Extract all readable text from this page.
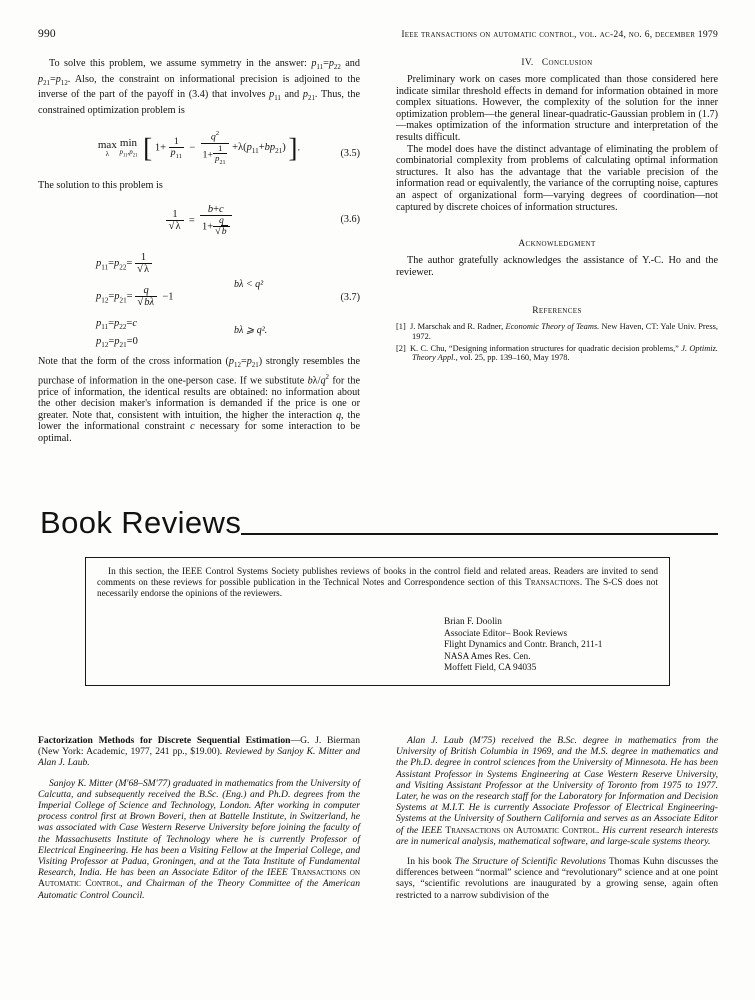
990	ieee transactions on automatic control, vol. ac-24, no. 6, december 1979

To solve this problem, we assume symmetry in the answer: $p_{11}=p_{22}$ and $p_{21}=p_{12}$. Also, the constraint on informational precision is adjoined to the inverse of the part of the payoff in (3.4) that involves $p_{11}$ and $p_{21}$. Thus, the constrained optimization problem is

max
λ

min
$p_{11},p_{21}$ [ $1+ \frac{1}{p_{11}} - \frac{q^2}{1+ \frac{1}{p_{21}}} +\lambda(p_{11}+bp_{21})$ ].	(3.5)

The solution to this problem is

$\frac{1}{√\lambda} = \frac{b+c}{1+ \frac{q}{√b}}$	(3.6)
$p_{11}=p_{22}= \frac{1}{√\lambda}$
$p_{12}=p_{21}= \frac{q}{√b\lambda} -1$
$p_{11}=p_{22}=c$
$p_{12}=p_{21}=0$
bλ < q²
bλ ⩾ q².
(3.7)

Note that the form of the cross information $(p_{12}=p_{21})$ strongly resembles the purchase of information in the one-person case. If we substitute $b\lambda/q^2$ for the price of information, the identical results are obtained: no information about the other decision maker's information is demanded if the price is one or greater. Note that, consistent with intuition, the higher the interaction q, the lower the informational constraint c necessary for some interaction to be optimal.

IV. Conclusion

Preliminary work on cases more complicated than those considered here indicate similar threshold effects in demand for information obtained in more complex situations. However, the complexity of the solution for the inner optimization problem—the general linear-quadratic-Gaussian problem in (1.7)—makes optimization of the information structure and interpretation of the results difficult.

The model does have the distinct advantage of eliminating the problem of combinatorial complexity from problems of calculating optimal information structures. It also has the advantage that the variable precision of the information read or equivalently, the variance of the corrupting noise, captures an aspect of organizational form—varying degrees of coordination—not captured by discrete choices of information structures.

Acknowledgment

The author gratefully acknowledges the assistance of Y.-C. Ho and the reviewer.

References
[1] J. Marschak and R. Radner, Economic Theory of Teams. New Haven, CT: Yale Univ. Press, 1972.
[2] K. C. Chu, “Designing information structures for quadratic decision problems,” J. Optimiz. Theory Appl., vol. 25, pp. 139–160, May 1978.
Book Reviews

In this section, the IEEE Control Systems Society publishes reviews of books in the control field and related areas. Readers are invited to send comments on these reviews for possible publication in the Technical Notes and Correspondence section of this Transactions. The S-CS does not necessarily endorse the opinions of the reviewers.

Brian F. Doolin
Associate Editor– Book Reviews
Flight Dynamics and Contr. Branch, 211-1
NASA Ames Res. Cen.
Moffett Field, CA 94035

Factorization Methods for Discrete Sequential Estimation—G. J. Bierman (New York: Academic, 1977, 241 pp., $19.00). Reviewed by Sanjoy K. Mitter and Alan J. Laub.

Sanjoy K. Mitter (M'68–SM'77) graduated in mathematics from the University of Calcutta, and subsequently received the B.Sc. (Eng.) and Ph.D. degrees from the Imperial College of Science and Technology, London. After working in computer process control first at Brown Boveri, then at Battelle Institute, in Switzerland, he was associated with Case Western Reserve University before joining the faculty of the Massachusetts Institute of Technology where he is currently Professor of Electrical Engineering. He has been a Visiting Fellow at the Imperial College, and Visiting Professor at Padua, Groningen, and at the Tata Institute of Fundamental Research, India. He has been an Associate Editor of the IEEE Transactions on Automatic Control, and Chairman of the Theory Committee of the American Automatic Control Council.

Alan J. Laub (M'75) received the B.Sc. degree in mathematics from the University of British Columbia in 1969, and the M.S. degree in mathematics and the Ph.D. degree in control sciences from the University of Minnesota. He has been Assistant Professor in Systems Engineering at Case Western Reserve University, and Visiting Assistant Professor at the University of Toronto from 1975 to 1977. Later, he was on the research staff for the Laboratory for Information and Decision Systems at M.I.T. He is currently Associate Professor of Electrical Engineering-Systems at the University of Southern California and serves as an Associate Editor of the IEEE Transactions on Automatic Control. His current research interests are in numerical analysis, mathematical software, and large-scale systems theory.

In his book The Structure of Scientific Revolutions Thomas Kuhn discusses the differences between “normal” science and “revolutionary” science and at one point says, “scientific revolutions are inaugurated by a growing sense, again often restricted to a narrow subdivision of the
